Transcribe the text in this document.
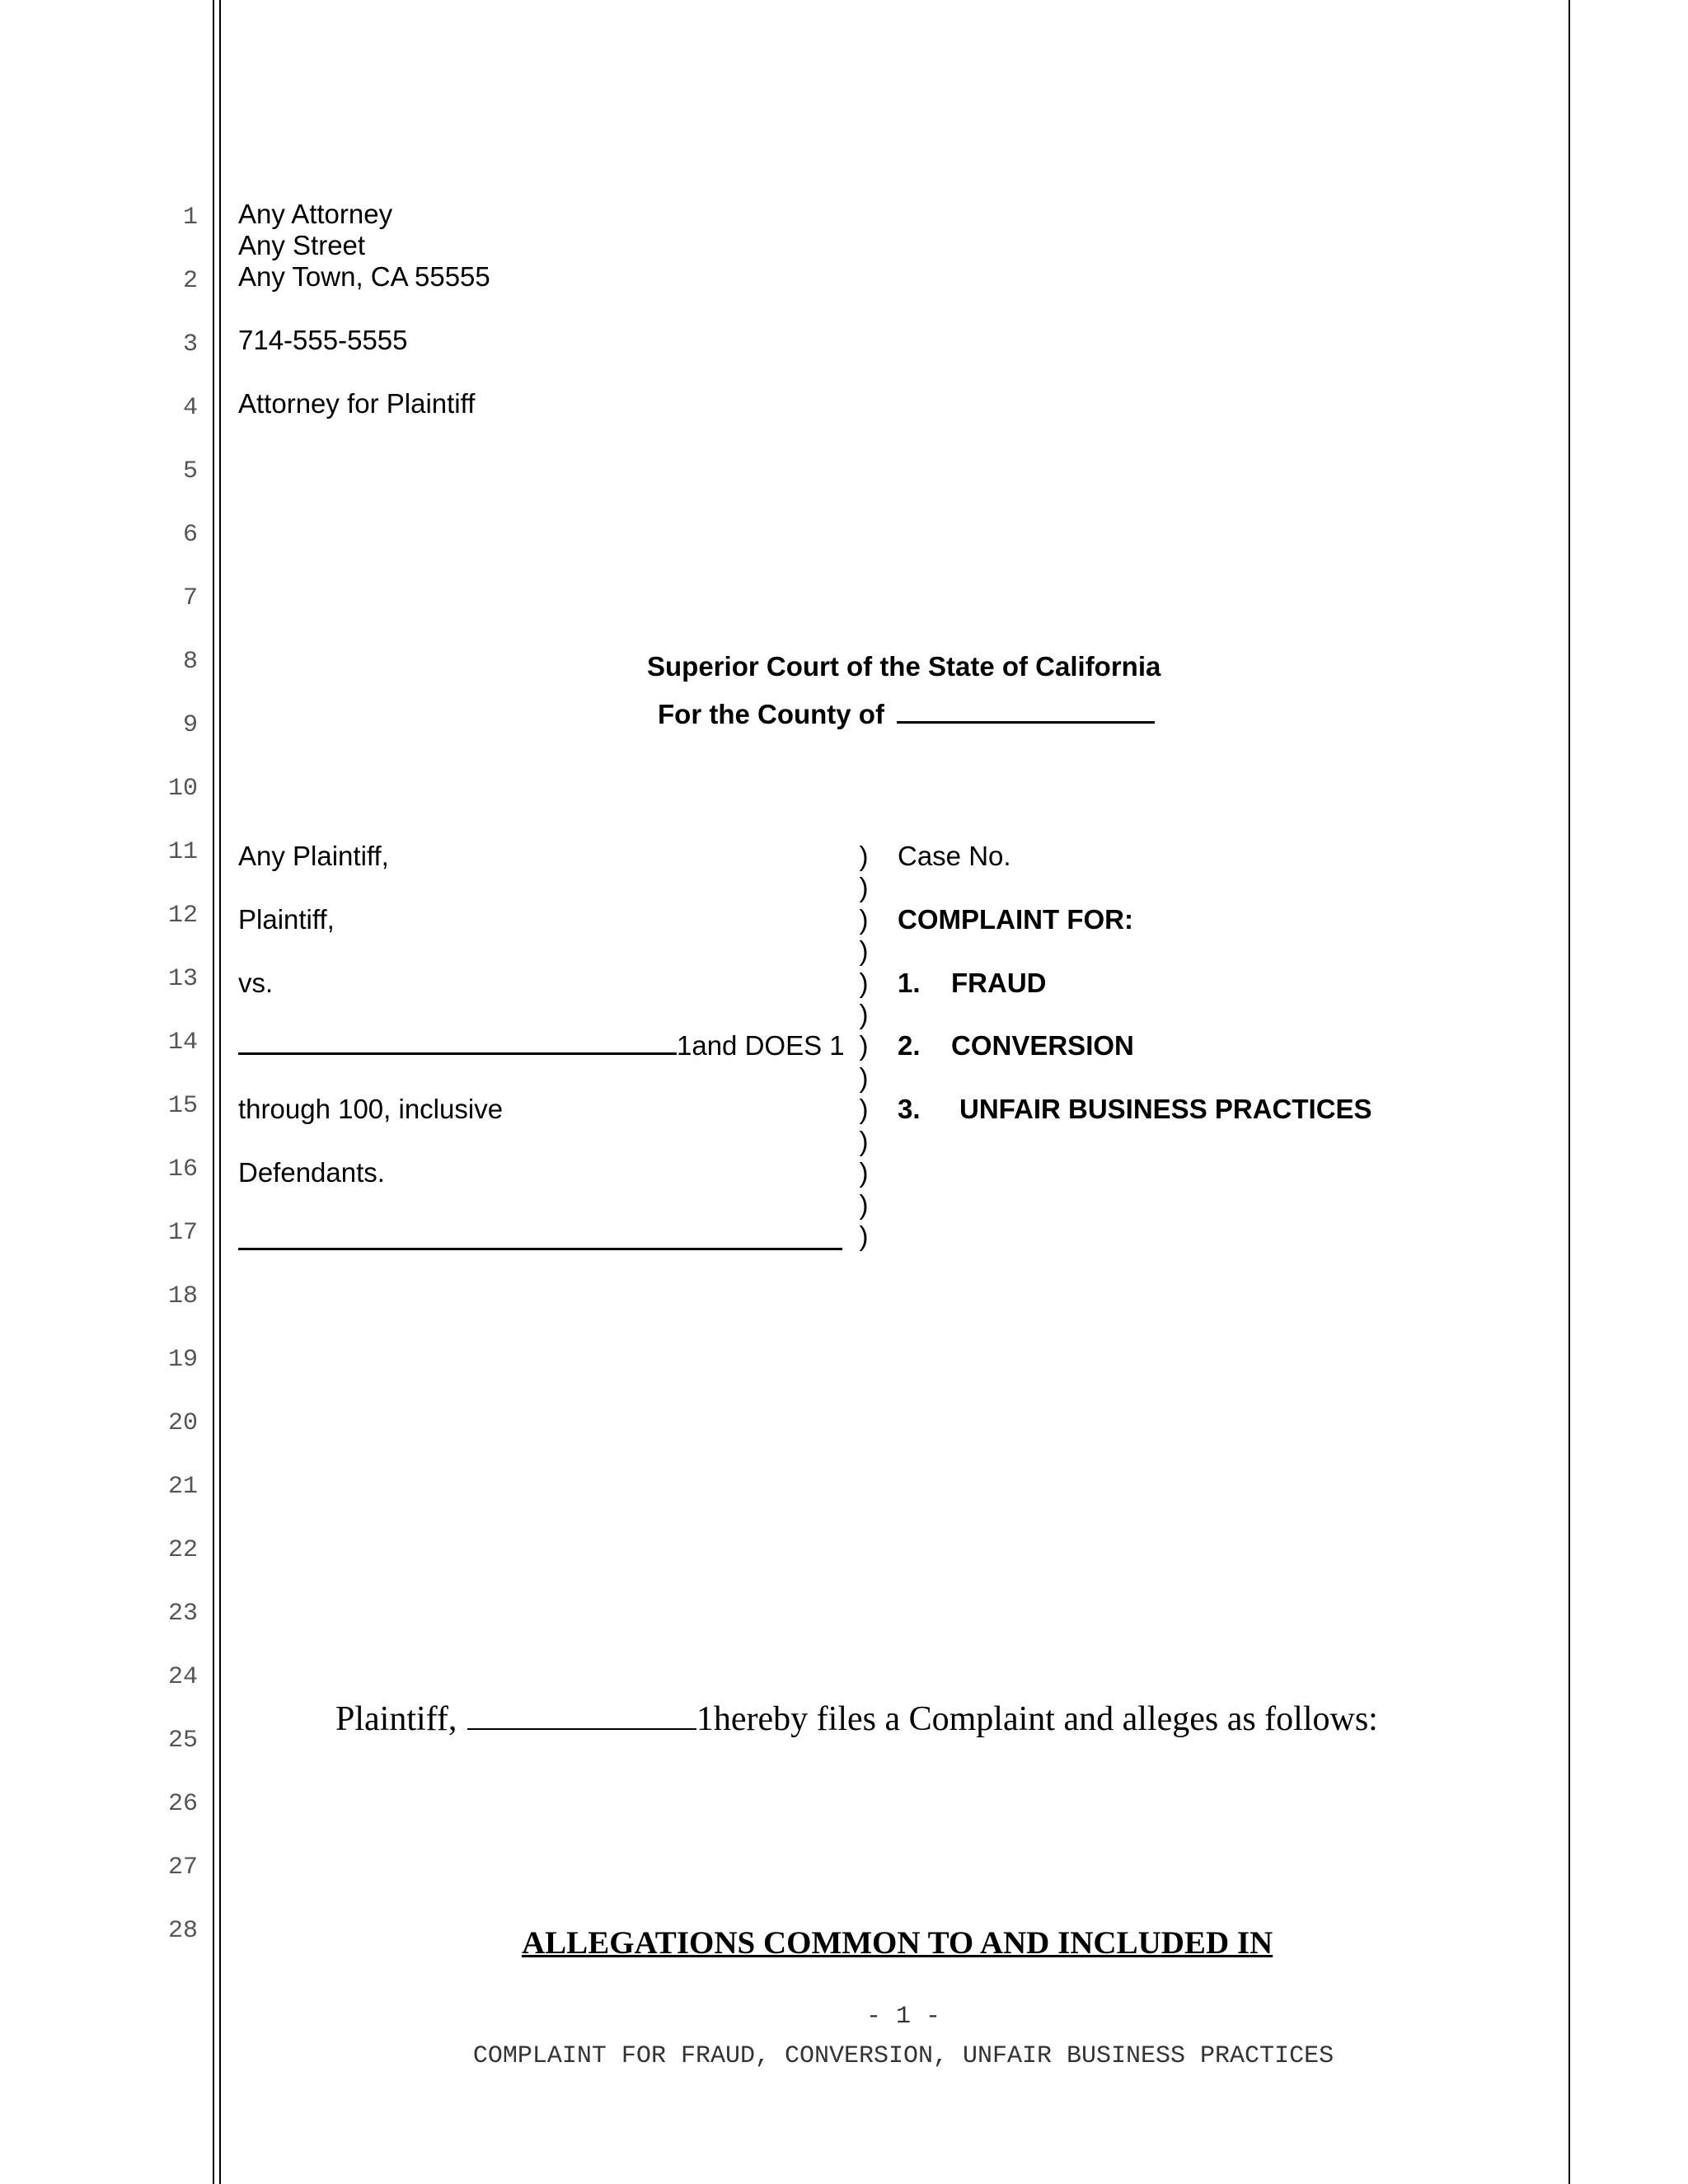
1
2
3
4
5
6
7
8
9
10
11
12
13
14
15
16
17
18
19
20
21
22
23
24
25
26
27
28
Any Attorney
Any Street
Any Town, CA 55555
714-555-5555
Attorney for Plaintiff
Superior Court of the State of California
For the County of
Any Plaintiff,
Plaintiff,
vs.
1and DOES 1
through 100, inclusive
Defendants.
)
)
)
)
)
)
)
)
)
)
)
)
)
Case No.
COMPLAINT FOR:
1. FRAUD
2. CONVERSION
3. UNFAIR BUSINESS PRACTICES
Plaintiff,	1hereby files a Complaint and alleges as follows:
ALLEGATIONS COMMON TO AND INCLUDED IN
- 1 -
COMPLAINT FOR FRAUD, CONVERSION, UNFAIR BUSINESS PRACTICES
